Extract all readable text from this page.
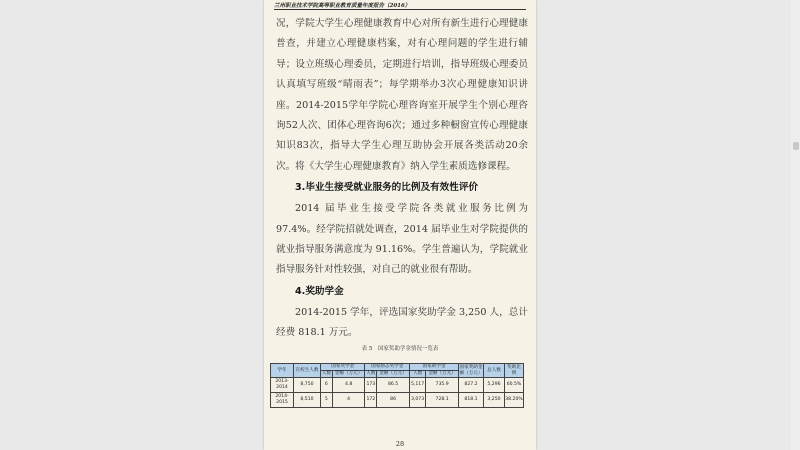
兰州职业技术学院高等职业教育质量年度报告（2016）

况，学院大学生心理健康教育中心对所有新生进行心理健康普查，并建立心理健康档案，对有心理问题的学生进行辅导；设立班级心理委员，定期进行培训，指导班级心理委员认真填写班级“晴雨表”；每学期举办3次心理健康知识讲座。2014-2015学年学院心理咨询室开展学生个别心理咨询52人次、团体心理咨询6次；通过多种橱窗宣传心理健康知识83次，指导大学生心理互助协会开展各类活动20余次。将《大学生心理健康教育》纳入学生素质选修课程。

3.毕业生接受就业服务的比例及有效性评价

2014 届毕业生接受学院各类就业服务比例为 97.4%。经学院招就处调查，2014 届毕业生对学院提供的就业指导服务满意度为 91.16%。学生普遍认为，学院就业指导服务针对性较强，对自己的就业很有帮助。

4.奖助学金

2014-2015 学年，评选国家奖助学金 3,250 人，总计经费 818.1 万元。

表 5　国家奖助学金情况一览表
学年	在校生人数	国家奖学金		国家励志奖学金		国家助学金		国家奖助金额（万元）	总人数	奖助比例
		人数	金额（万元）	人数	金额（万元）	人数	金额（万元）			
2013-2014	8,750	6	4.8	173	86.5	5,117	735.9	827.2	5,296	60.5%
2014-2015	8,510	5	4	172	86	3,073	728.1	818.1	3,250	38.20%
28
